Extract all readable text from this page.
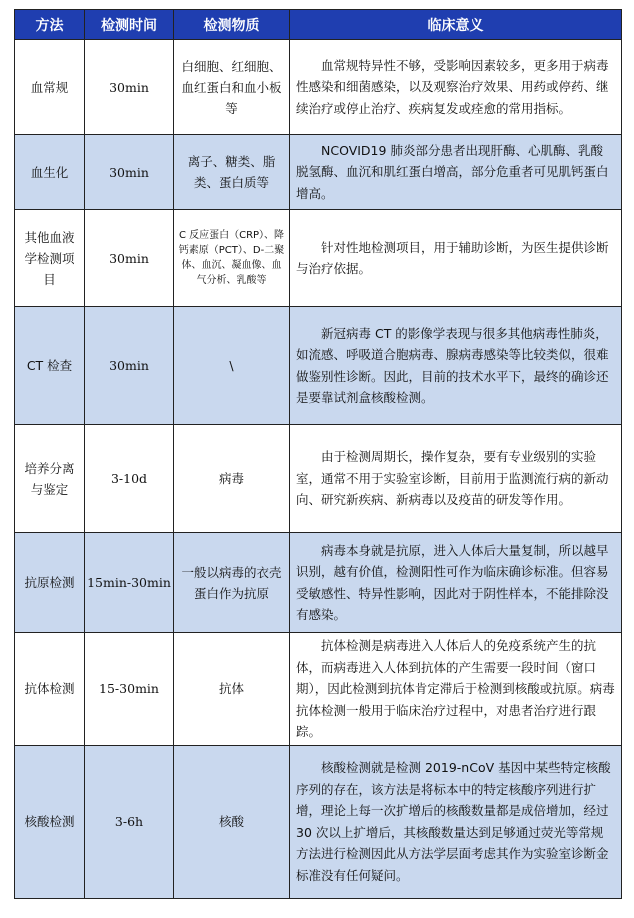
方法	检测时间	检测物质	临床意义
血常规	30min	白细胞、红细胞、血红蛋白和血小板等	血常规特异性不够，受影响因素较多，更多用于病毒性感染和细菌感染，以及观察治疗效果、用药或停药、继续治疗或停止治疗、疾病复发或痊愈的常用指标。
血生化	30min	离子、糖类、脂类、蛋白质等	NCOVID19 肺炎部分患者出现肝酶、心肌酶、乳酸脱氢酶、血沉和肌红蛋白增高，部分危重者可见肌钙蛋白增高。
其他血液学检测项目	30min	C 反应蛋白（CRP）、降钙素原（PCT）、D-二聚体、血沉、凝血像、血气分析、乳酸等	针对性地检测项目，用于辅助诊断，为医生提供诊断与治疗依据。
CT 检查	30min	\	新冠病毒 CT 的影像学表现与很多其他病毒性肺炎，如流感、呼吸道合胞病毒、腺病毒感染等比较类似，很难做鉴别性诊断。因此，目前的技术水平下，最终的确诊还是要靠试剂盒核酸检测。
培养分离与鉴定	3-10d	病毒	由于检测周期长，操作复杂，要有专业级别的实验室，通常不用于实验室诊断，目前用于监测流行病的新动向、研究新疾病、新病毒以及疫苗的研发等作用。
抗原检测	15min-30min	一般以病毒的衣壳蛋白作为抗原	病毒本身就是抗原，进入人体后大量复制，所以越早识别，越有价值，检测阳性可作为临床确诊标准。但容易受敏感性、特异性影响，因此对于阴性样本，不能排除没有感染。
抗体检测	15-30min	抗体	抗体检测是病毒进入人体后人的免疫系统产生的抗体，而病毒进入人体到抗体的产生需要一段时间（窗口期），因此检测到抗体肯定滞后于检测到核酸或抗原。病毒抗体检测一般用于临床治疗过程中，对患者治疗进行跟踪。
核酸检测	3-6h	核酸	核酸检测就是检测 2019-nCoV 基因中某些特定核酸序列的存在，该方法是将标本中的特定核酸序列进行扩增，理论上每一次扩增后的核酸数量都是成倍增加，经过 30 次以上扩增后，其核酸数量达到足够通过荧光等常规方法进行检测因此从方法学层面考虑其作为实验室诊断金标准没有任何疑问。
